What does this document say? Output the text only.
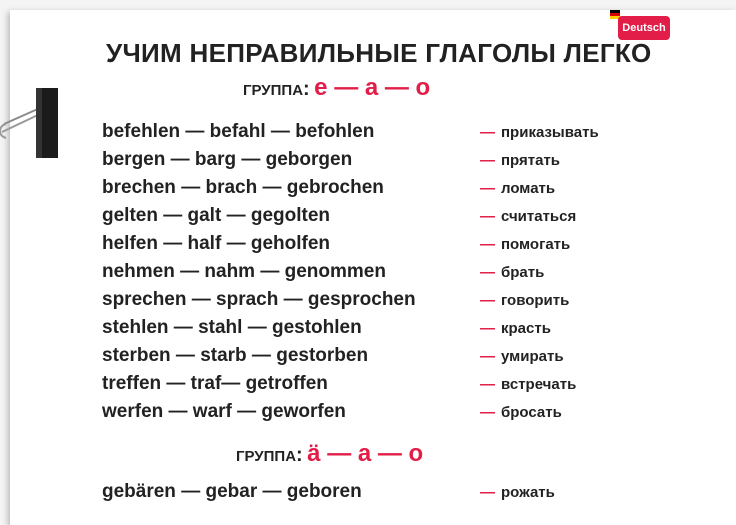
Deutsch
УЧИМ НЕПРАВИЛЬНЫЕ ГЛАГОЛЫ ЛЕГКО
ГРУППА: е — а — о
befehlen — befahl — befohlen	— приказывать
bergen — barg — geborgen	— прятать
brechen — brach — gebrochen	— ломать
gelten — galt — gegolten	— считаться
helfen — half — geholfen	— помогать
nehmen — nahm — genommen	— брать
sprechen — sprach — gesprochen	— говорить
stehlen — stahl — gestohlen	— красть
sterben — starb — gestorben	— умирать
treffen — traf— getroffen	— встречать
werfen — warf — geworfen	— бросать
ГРУППА: ä — а — о
gebären — gebar — geboren	— рожать
